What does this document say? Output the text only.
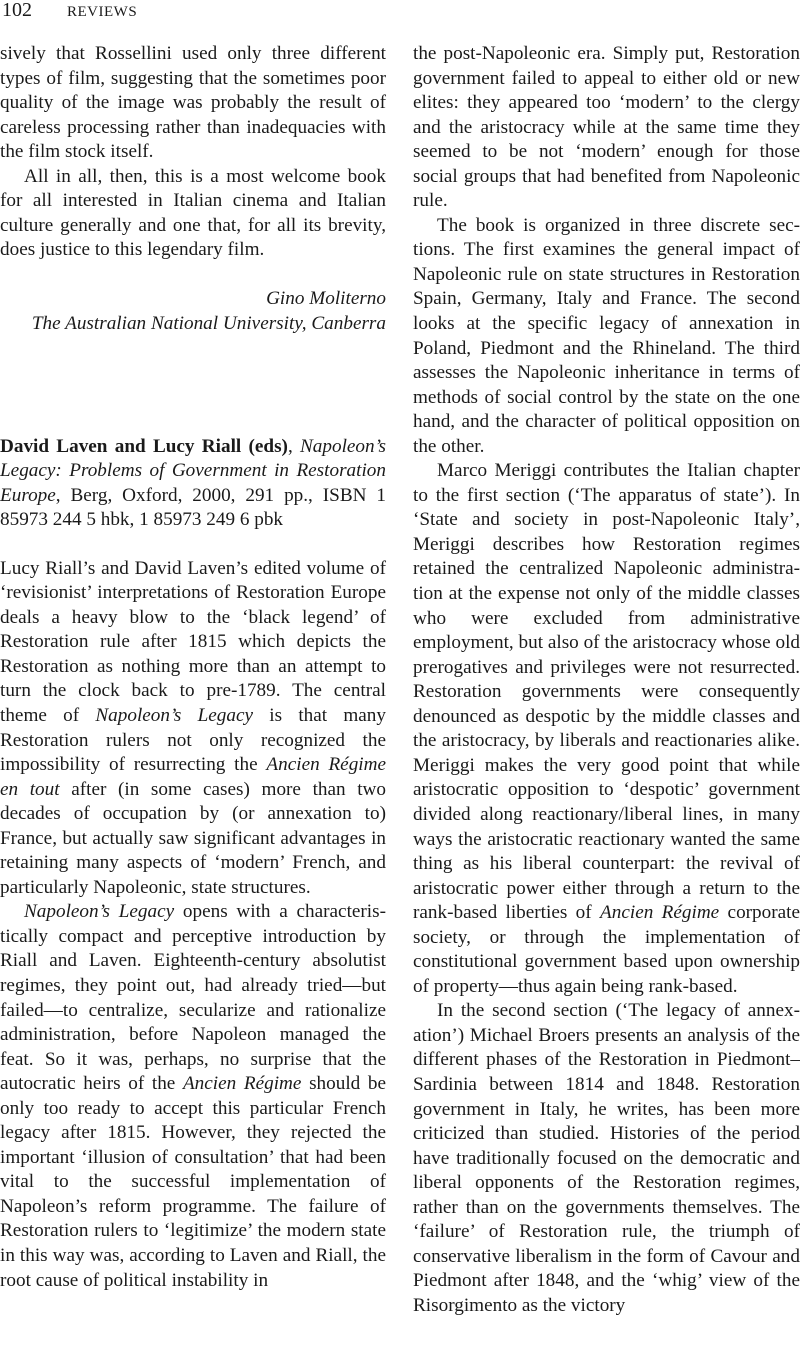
102 REVIEWS

sively that Rossellini used only three different types of film, suggesting that the sometimes poor quality of the image was probably the result of careless processing rather than inadequacies with the film stock itself.

All in all, then, this is a most welcome book for all interested in Italian cinema and Italian culture generally and one that, for all its brevity, does justice to this legendary film.

Gino Moliterno

The Australian National University, Canberra

David Laven and Lucy Riall (eds), Napoleon’s Legacy: Problems of Government in Restoration Europe, Berg, Oxford, 2000, 291 pp., ISBN 1 85973 244 5 hbk, 1 85973 249 6 pbk

Lucy Riall’s and David Laven’s edited volume of ‘revisionist’ interpretations of Restoration Europe deals a heavy blow to the ‘black legend’ of Restoration rule after 1815 which depicts the Restoration as nothing more than an attempt to turn the clock back to pre-1789. The central theme of Napoleon’s Legacy is that many Restoration rulers not only recognized the impossibility of resurrecting the Ancien Régime en tout after (in some cases) more than two decades of occupation by (or annexation to) France, but actually saw significant advantages in retaining many aspects of ‘modern’ French, and particularly Napoleonic, state structures.

Napoleon’s Legacy opens with a characteristically compact and perceptive introduction by Riall and Laven. Eighteenth-century absolutist regimes, they point out, had already tried—but failed—to centralize, secularize and rationalize administration, before Napoleon managed the feat. So it was, perhaps, no surprise that the autocratic heirs of the Ancien Régime should be only too ready to accept this particular French legacy after 1815. However, they rejected the important ‘illusion of consultation’ that had been vital to the successful implementation of Napoleon’s reform programme. The failure of Restoration rulers to ‘legitimize’ the modern state in this way was, according to Laven and Riall, the root cause of political instability in

the post-Napoleonic era. Simply put, Restoration government failed to appeal to either old or new elites: they appeared too ‘modern’ to the clergy and the aristocracy while at the same time they seemed to be not ‘modern’ enough for those social groups that had benefited from Napoleonic rule.

The book is organized in three discrete sections. The first examines the general impact of Napoleonic rule on state structures in Restoration Spain, Germany, Italy and France. The second looks at the specific legacy of annexation in Poland, Piedmont and the Rhineland. The third assesses the Napoleonic inheritance in terms of methods of social control by the state on the one hand, and the character of political opposition on the other.

Marco Meriggi contributes the Italian chapter to the first section (‘The apparatus of state’). In ‘State and society in post-Napoleonic Italy’, Meriggi describes how Restoration regimes retained the centralized Napoleonic administration at the expense not only of the middle classes who were excluded from administrative employment, but also of the aristocracy whose old prerogatives and privileges were not resurrected. Restoration governments were consequently denounced as despotic by the middle classes and the aristocracy, by liberals and reactionaries alike. Meriggi makes the very good point that while aristocratic opposition to ‘despotic’ government divided along reactionary/liberal lines, in many ways the aristocratic reactionary wanted the same thing as his liberal counterpart: the revival of aristocratic power either through a return to the rank-based liberties of Ancien Régime corporate society, or through the implementation of constitutional government based upon ownership of property—thus again being rank-based.

In the second section (‘The legacy of annexation’) Michael Broers presents an analysis of the different phases of the Restoration in Piedmont–Sardinia between 1814 and 1848. Restoration government in Italy, he writes, has been more criticized than studied. Histories of the period have traditionally focused on the democratic and liberal opponents of the Restoration regimes, rather than on the governments themselves. The ‘failure’ of Restoration rule, the triumph of conservative liberalism in the form of Cavour and Piedmont after 1848, and the ‘whig’ view of the Risorgimento as the victory
